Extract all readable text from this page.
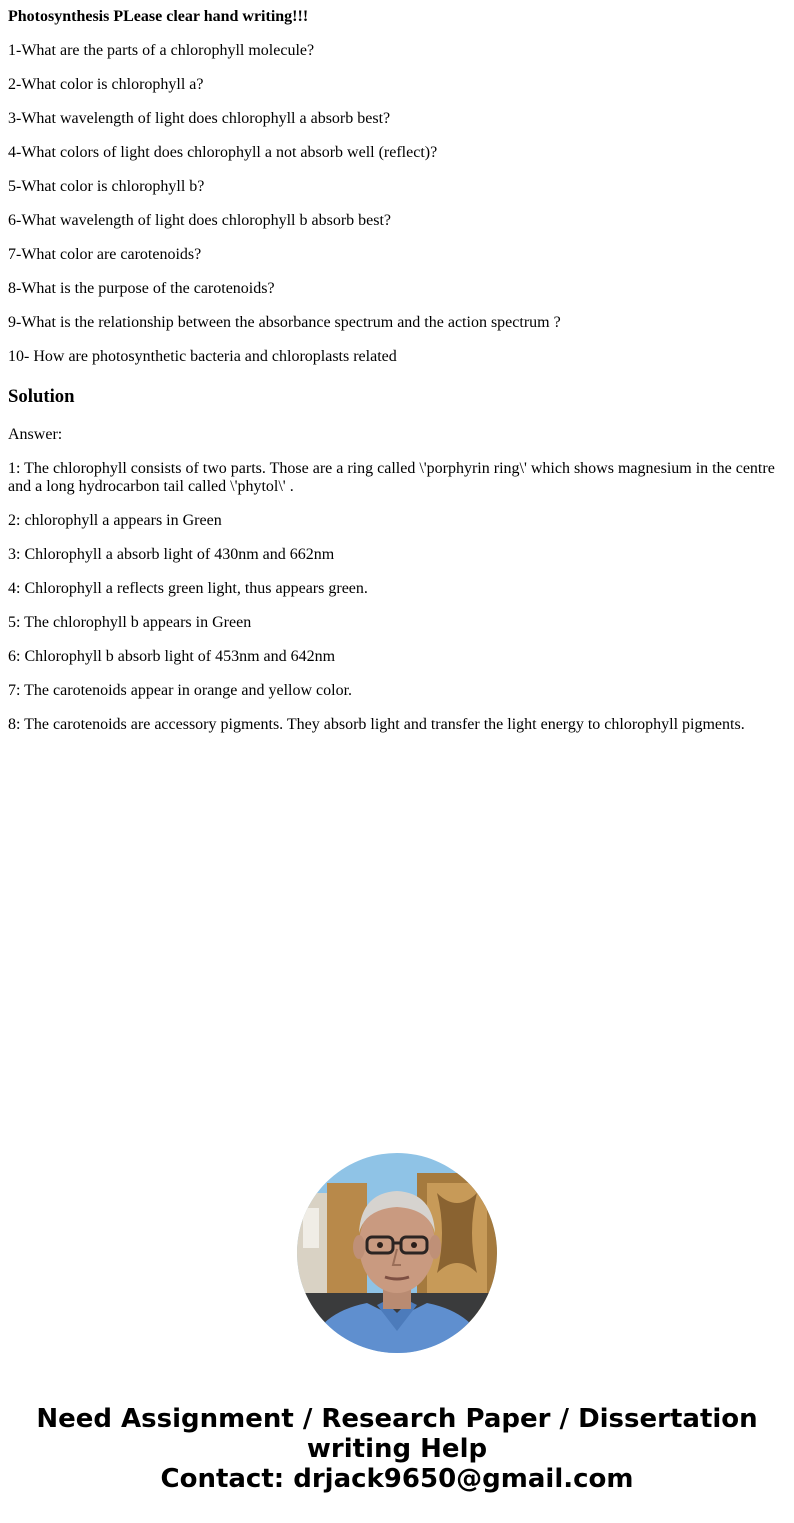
Photosynthesis PLease clear hand writing!!!

1-What are the parts of a chlorophyll molecule?

2-What color is chlorophyll a?

3-What wavelength of light does chlorophyll a absorb best?

4-What colors of light does chlorophyll a not absorb well (reflect)?

5-What color is chlorophyll b?

6-What wavelength of light does chlorophyll b absorb best?

7-What color are carotenoids?

8-What is the purpose of the carotenoids?

9-What is the relationship between the absorbance spectrum and the action spectrum ?

10- How are photosynthetic bacteria and chloroplasts related

Solution

Answer:

1: The chlorophyll consists of two parts. Those are a ring called \'porphyrin ring\' which shows magnesium in the centre and a long hydrocarbon tail called \'phytol\' .

2: chlorophyll a appears in Green

3: Chlorophyll a absorb light of 430nm and 662nm

4: Chlorophyll a reflects green light, thus appears green.

5: The chlorophyll b appears in Green

6: Chlorophyll b absorb light of 453nm and 642nm

7: The carotenoids appear in orange and yellow color.

8: The carotenoids are accessory pigments. They absorb light and transfer the light energy to chlorophyll pigments.

Need Assignment / Research Paper / Dissertation
writing Help
Contact: drjack9650@gmail.com
